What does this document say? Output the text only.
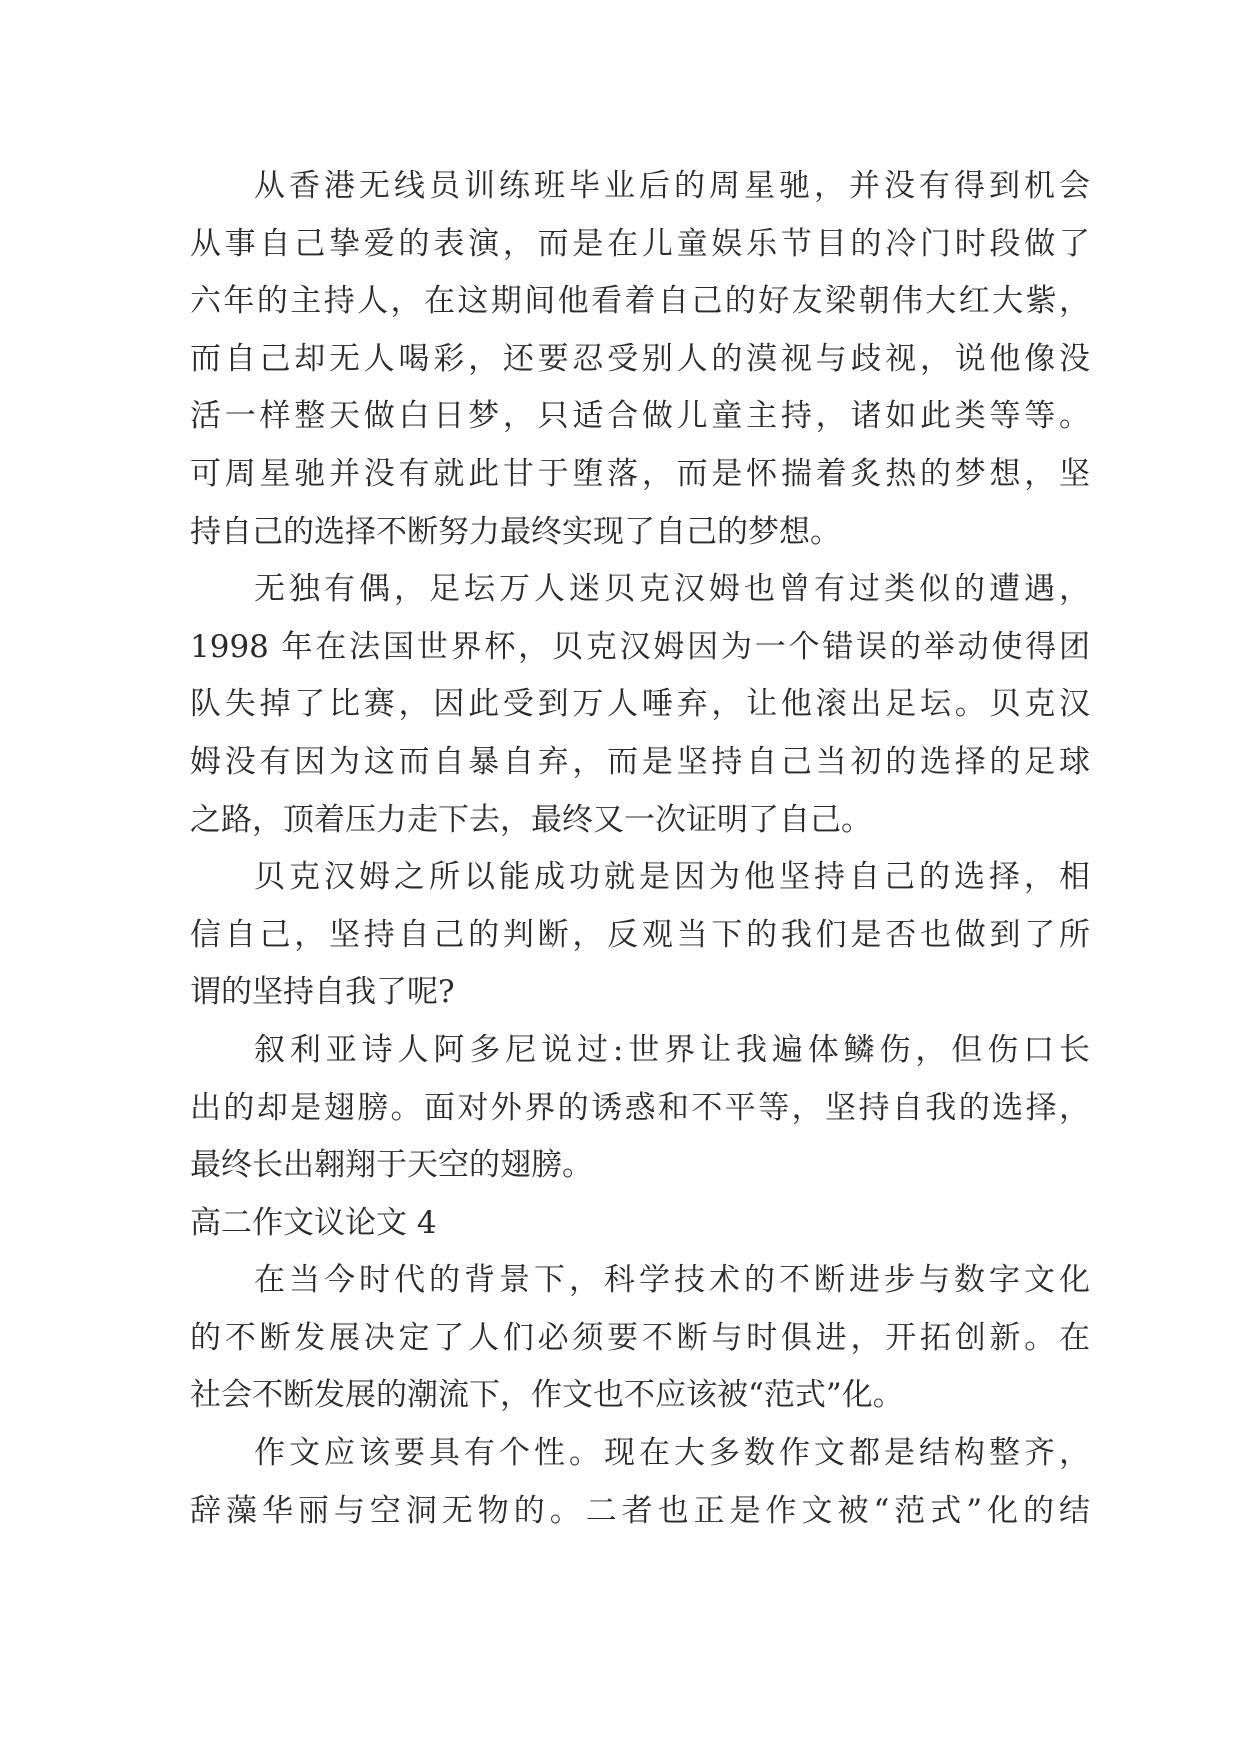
从香港无线员训练班毕业后的周星驰，并没有得到机会
从事自己挚爱的表演，而是在儿童娱乐节目的冷门时段做了
六年的主持人，在这期间他看着自己的好友梁朝伟大红大紫，
而自己却无人喝彩，还要忍受别人的漠视与歧视，说他像没
活一样整天做白日梦，只适合做儿童主持，诸如此类等等。
可周星驰并没有就此甘于堕落，而是怀揣着炙热的梦想，坚
持自己的选择不断努力最终实现了自己的梦想。
无独有偶，足坛万人迷贝克汉姆也曾有过类似的遭遇，
1998 年在法国世界杯，贝克汉姆因为一个错误的举动使得团
队失掉了比赛，因此受到万人唾弃，让他滚出足坛。贝克汉
姆没有因为这而自暴自弃，而是坚持自己当初的选择的足球
之路，顶着压力走下去，最终又一次证明了自己。
贝克汉姆之所以能成功就是因为他坚持自己的选择，相
信自己，坚持自己的判断，反观当下的我们是否也做到了所
谓的坚持自我了呢?
叙利亚诗人阿多尼说过:世界让我遍体鳞伤，但伤口长
出的却是翅膀。面对外界的诱惑和不平等，坚持自我的选择，
最终长出翱翔于天空的翅膀。
高二作文议论文 4
在当今时代的背景下，科学技术的不断进步与数字文化
的不断发展决定了人们必须要不断与时俱进，开拓创新。在
社会不断发展的潮流下，作文也不应该被“范式”化。
作文应该要具有个性。现在大多数作文都是结构整齐，
辞藻华丽与空洞无物的。二者也正是作文被“范式”化的结
